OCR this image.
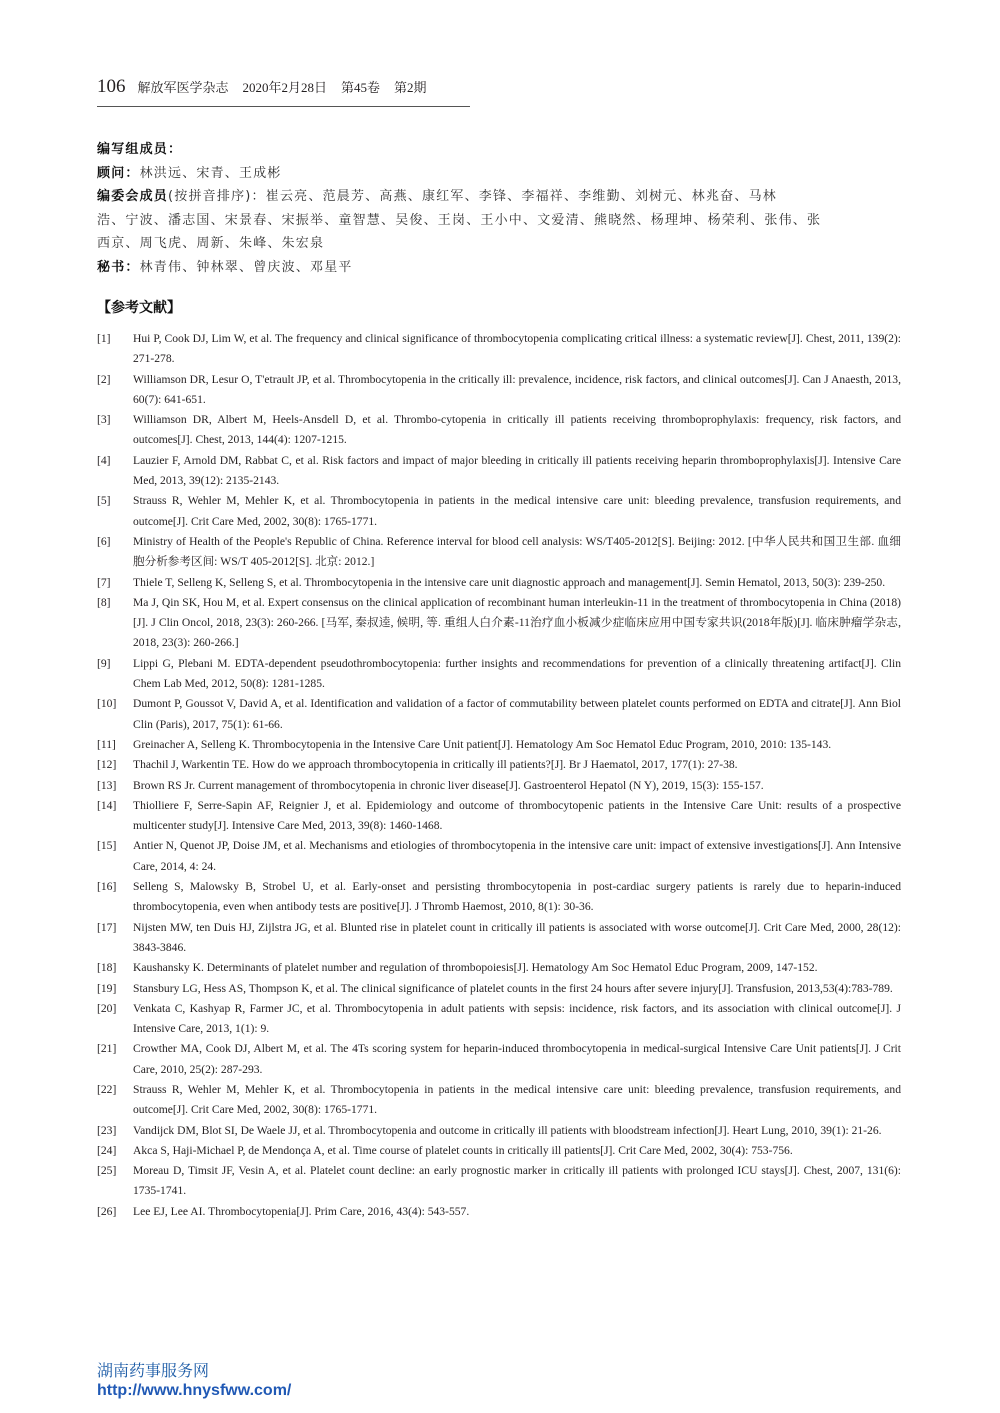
106 解放军医学杂志 2020年2月28日 第45卷 第2期

编写组成员：

顾问：林洪远、宋青、王成彬

编委会成员(按拼音排序)：崔云亮、范晨芳、高燕、康红军、李锋、李福祥、李维勤、刘树元、林兆奋、马林

浩、宁波、潘志国、宋景春、宋振举、童智慧、吴俊、王岗、王小中、文爱清、熊晓然、杨理坤、杨荣利、张伟、张

西京、周飞虎、周新、朱峰、朱宏泉

秘书：林青伟、钟林翠、曾庆波、邓星平

【参考文献】
[1]	Hui P, Cook DJ, Lim W, et al. The frequency and clinical significance of thrombocytopenia complicating critical illness: a systematic review[J]. Chest, 2011, 139(2): 271-278.
[2]	Williamson DR, Lesur O, T'etrault JP, et al. Thrombocytopenia in the critically ill: prevalence, incidence, risk factors, and clinical outcomes[J]. Can J Anaesth, 2013, 60(7): 641-651.
[3]	Williamson DR, Albert M, Heels-Ansdell D, et al. Thrombo-cytopenia in critically ill patients receiving thromboprophylaxis: frequency, risk factors, and outcomes[J]. Chest, 2013, 144(4): 1207-1215.
[4]	Lauzier F, Arnold DM, Rabbat C, et al. Risk factors and impact of major bleeding in critically ill patients receiving heparin thromboprophylaxis[J]. Intensive Care Med, 2013, 39(12): 2135-2143.
[5]	Strauss R, Wehler M, Mehler K, et al. Thrombocytopenia in patients in the medical intensive care unit: bleeding prevalence, transfusion requirements, and outcome[J]. Crit Care Med, 2002, 30(8): 1765-1771.
[6]	Ministry of Health of the People's Republic of China. Reference interval for blood cell analysis: WS/T405-2012[S]. Beijing: 2012. [中华人民共和国卫生部. 血细胞分析参考区间: WS/T 405-2012[S]. 北京: 2012.]
[7]	Thiele T, Selleng K, Selleng S, et al. Thrombocytopenia in the intensive care unit diagnostic approach and management[J]. Semin Hematol, 2013, 50(3): 239-250.
[8]	Ma J, Qin SK, Hou M, et al. Expert consensus on the clinical application of recombinant human interleukin-11 in the treatment of thrombocytopenia in China (2018)[J]. J Clin Oncol, 2018, 23(3): 260-266. [马军, 秦叔逵, 候明, 等. 重组人白介素-11治疗血小板减少症临床应用中国专家共识(2018年版)[J]. 临床肿瘤学杂志, 2018, 23(3): 260-266.]
[9]	Lippi G, Plebani M. EDTA-dependent pseudothrombocytopenia: further insights and recommendations for prevention of a clinically threatening artifact[J]. Clin Chem Lab Med, 2012, 50(8): 1281-1285.
[10]	Dumont P, Goussot V, David A, et al. Identification and validation of a factor of commutability between platelet counts performed on EDTA and citrate[J]. Ann Biol Clin (Paris), 2017, 75(1): 61-66.
[11]	Greinacher A, Selleng K. Thrombocytopenia in the Intensive Care Unit patient[J]. Hematology Am Soc Hematol Educ Program, 2010, 2010: 135-143.
[12]	Thachil J, Warkentin TE. How do we approach thrombocytopenia in critically ill patients?[J]. Br J Haematol, 2017, 177(1): 27-38.
[13]	Brown RS Jr. Current management of thrombocytopenia in chronic liver disease[J]. Gastroenterol Hepatol (N Y), 2019, 15(3): 155-157.
[14]	Thiolliere F, Serre-Sapin AF, Reignier J, et al. Epidemiology and outcome of thrombocytopenic patients in the Intensive Care Unit: results of a prospective multicenter study[J]. Intensive Care Med, 2013, 39(8): 1460-1468.
[15]	Antier N, Quenot JP, Doise JM, et al. Mechanisms and etiologies of thrombocytopenia in the intensive care unit: impact of extensive investigations[J]. Ann Intensive Care, 2014, 4: 24.
[16]	Selleng S, Malowsky B, Strobel U, et al. Early-onset and persisting thrombocytopenia in post-cardiac surgery patients is rarely due to heparin-induced thrombocytopenia, even when antibody tests are positive[J]. J Thromb Haemost, 2010, 8(1): 30-36.
[17]	Nijsten MW, ten Duis HJ, Zijlstra JG, et al. Blunted rise in platelet count in critically ill patients is associated with worse outcome[J]. Crit Care Med, 2000, 28(12): 3843-3846.
[18]	Kaushansky K. Determinants of platelet number and regulation of thrombopoiesis[J]. Hematology Am Soc Hematol Educ Program, 2009, 147-152.
[19]	Stansbury LG, Hess AS, Thompson K, et al. The clinical significance of platelet counts in the first 24 hours after severe injury[J]. Transfusion, 2013,53(4):783-789.
[20]	Venkata C, Kashyap R, Farmer JC, et al. Thrombocytopenia in adult patients with sepsis: incidence, risk factors, and its association with clinical outcome[J]. J Intensive Care, 2013, 1(1): 9.
[21]	Crowther MA, Cook DJ, Albert M, et al. The 4Ts scoring system for heparin-induced thrombocytopenia in medical-surgical Intensive Care Unit patients[J]. J Crit Care, 2010, 25(2): 287-293.
[22]	Strauss R, Wehler M, Mehler K, et al. Thrombocytopenia in patients in the medical intensive care unit: bleeding prevalence, transfusion requirements, and outcome[J]. Crit Care Med, 2002, 30(8): 1765-1771.
[23]	Vandijck DM, Blot SI, De Waele JJ, et al. Thrombocytopenia and outcome in critically ill patients with bloodstream infection[J]. Heart Lung, 2010, 39(1): 21-26.
[24]	Akca S, Haji-Michael P, de Mendonça A, et al. Time course of platelet counts in critically ill patients[J]. Crit Care Med, 2002, 30(4): 753-756.
[25]	Moreau D, Timsit JF, Vesin A, et al. Platelet count decline: an early prognostic marker in critically ill patients with prolonged ICU stays[J]. Chest, 2007, 131(6): 1735-1741.
[26]	Lee EJ, Lee AI. Thrombocytopenia[J]. Prim Care, 2016, 43(4): 543-557.
湖南药事服务网
http://www.hnysfww.com/
